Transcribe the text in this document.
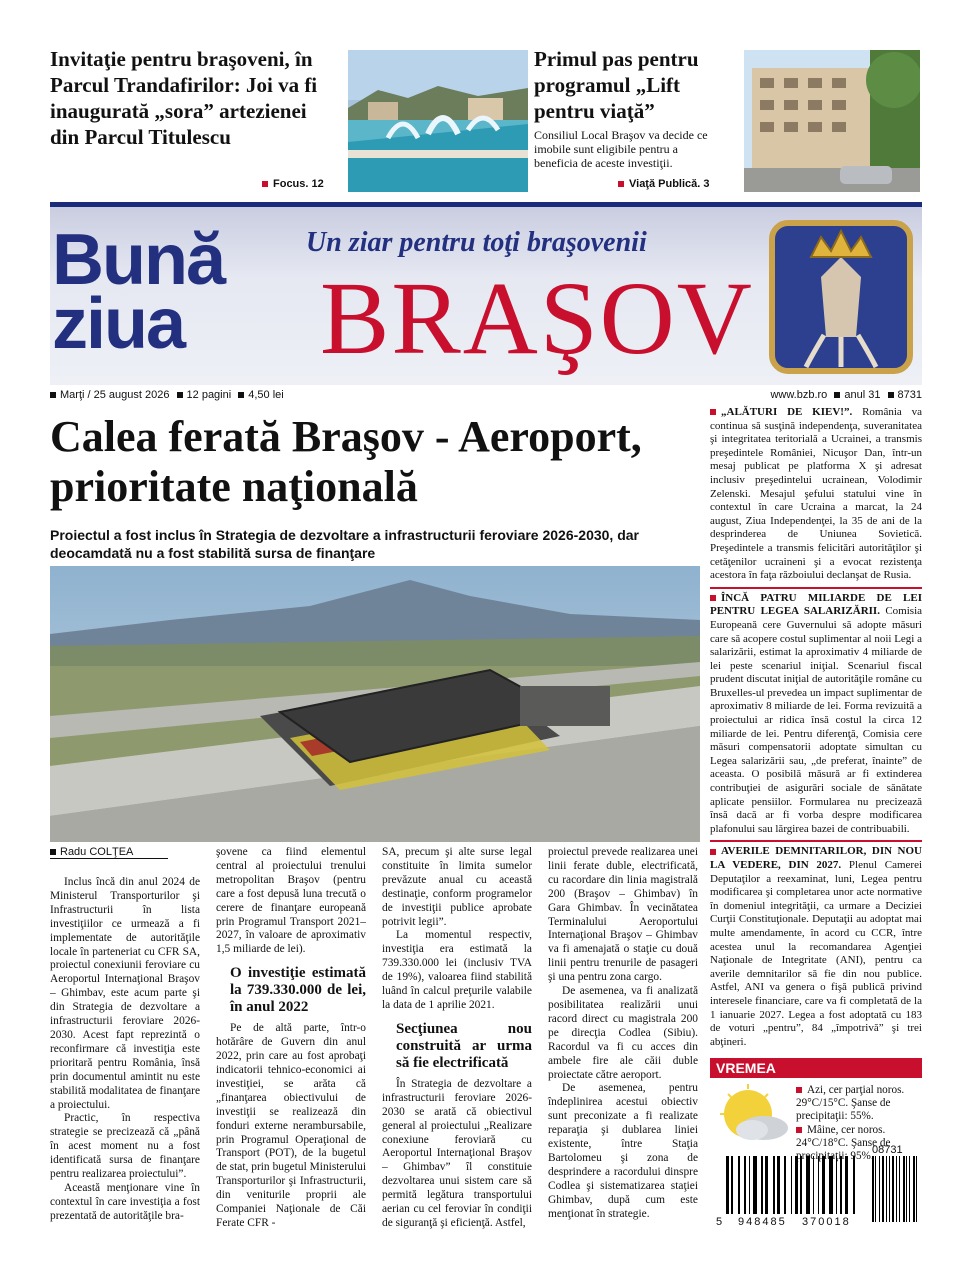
Invitaţie pentru braşoveni, în Parcul Trandafirilor: Joi va fi inaugurată „sora” artezienei din Parcul Titulescu
Focus. 12
Primul pas pentru programul „Lift pentru viaţă”
Consiliul Local Braşov va decide ce imobile sunt eligibile pentru a beneficia de aceste investiţii.
Viaţă Publică. 3
Bună
ziua
Un ziar pentru toţi braşovenii
BRAŞOV
Marţi / 25 august 2026 12 pagini 4,50 lei	www.bzb.ro anul 31 8731
Calea ferată Braşov - Aeroport, prioritate naţională
Proiectul a fost inclus în Strategia de dezvoltare a infrastructurii feroviare 2026-2030, dar deocamdată nu a fost stabilită sursa de finanţare
Radu COLŢEA

Inclus încă din anul 2024 de Ministerul Transporturilor şi Infrastructurii în lista investiţiilor ce urmează a fi implementate de autorităţile locale în parteneriat cu CFR SA, proiectul conexiunii feroviare cu Aeroportul Internaţional Braşov – Ghimbav, este acum parte şi din Strategia de dezvoltare a infrastructurii feroviare 2026-2030. Acest fapt reprezintă o reconfirmare că investiţia este prioritară pentru România, însă prin documentul amintit nu este stabilită modalitatea de finanţare a proiectului.

Practic, în respectiva strategie se precizează că „până în acest moment nu a fost identificată sursa de finanţare pentru realizarea proiectului”.

Această menţionare vine în contextul în care investiţia a fost prezentată de autorităţile bra-

şovene ca fiind elementul central al proiectului trenului metropolitan Braşov (pentru care a fost depusă luna trecută o cerere de finanţare europeană prin Programul Transport 2021–2027, în valoare de aproximativ 1,5 miliarde de lei).

O investiţie estimată la 739.330.000 de lei, în anul 2022

Pe de altă parte, într-o hotărâre de Guvern din anul 2022, prin care au fost aprobaţi indicatorii tehnico-economici ai investiţiei, se arăta că „finanţarea obiectivului de investiţii se realizează din fonduri externe nerambursabile, prin Programul Operaţional de Transport (POT), de la bugetul de stat, prin bugetul Ministerului Transporturilor şi Infrastructurii, din veniturile proprii ale Companiei Naţionale de Căi Ferate CFR -

SA, precum şi alte surse legal constituite în limita sumelor prevăzute anual cu această destinaţie, conform programelor de investiţii publice aprobate potrivit legii”.

La momentul respectiv, investiţia era estimată la 739.330.000 lei (inclusiv TVA de 19%), valoarea fiind stabilită luând în calcul preţurile valabile la data de 1 aprilie 2021.

Secţiunea nou construită ar urma să fie electrificată

În Strategia de dezvoltare a infrastructurii feroviare 2026-2030 se arată că obiectivul general al proiectului „Realizare conexiune feroviară cu Aeroportul Internaţional Braşov – Ghimbav” îl constituie dezvoltarea unui sistem care să permită legătura transportului aerian cu cel feroviar în condiţii de siguranţă şi eficienţă. Astfel,

proiectul prevede realizarea unei linii ferate duble, electrificată, cu racordare din linia magistrală 200 (Braşov – Ghimbav) în Gara Ghimbav. În vecinătatea Terminalului Aeroportului Internaţional Braşov – Ghimbav va fi amenajată o staţie cu două linii pentru trenurile de pasageri şi una pentru zona cargo.

De asemenea, va fi analizată posibilitatea realizării unui racord direct cu magistrala 200 pe direcţia Codlea (Sibiu). Racordul va fi cu acces din ambele fire ale căii duble proiectate către aeroport.

De asemenea, pentru îndeplinirea acestui obiectiv sunt preconizate a fi realizate reparaţia şi dublarea liniei existente, între Staţia Bartolomeu şi zona de desprindere a racordului dinspre Codlea şi sistematizarea staţiei Ghimbav, după cum este menţionat în strategie.

„ALĂTURI DE KIEV!”. România va continua să susţină independenţa, suveranitatea şi integritatea teritorială a Ucrainei, a transmis preşedintele României, Nicuşor Dan, într-un mesaj publicat pe platforma X şi adresat inclusiv preşedintelui ucrainean, Volodimir Zelenski. Mesajul şefului statului vine în contextul în care Ucraina a marcat, la 24 august, Ziua Independenţei, la 35 de ani de la desprinderea de Uniunea Sovietică. Preşedintele a transmis felicitări autorităţilor şi cetăţenilor ucraineni şi a evocat rezistenţa acestora în faţa războiului declanşat de Rusia.
ÎNCĂ PATRU MILIARDE DE LEI PENTRU LEGEA SALARIZĂRII. Comisia Europeană cere Guvernului să adopte măsuri care să acopere costul suplimentar al noii Legi a salarizării, estimat la aproximativ 4 miliarde de lei peste scenariul iniţial. Scenariul fiscal prudent discutat iniţial de autorităţile române cu Bruxelles-ul prevedea un impact suplimentar de aproximativ 8 miliarde de lei. Forma revizuită a proiectului ar ridica însă costul la circa 12 miliarde de lei. Pentru diferenţă, Comisia cere măsuri compensatorii adoptate simultan cu Legea salarizării sau, „de preferat, înainte” de aceasta. O posibilă măsură ar fi extinderea contribuţiei de asigurări sociale de sănătate aplicate pensiilor. Formularea nu precizează însă dacă ar fi vorba despre modificarea plafonului sau lărgirea bazei de contribuabili.
AVERILE DEMNITARILOR, DIN NOU LA VEDERE, DIN 2027. Plenul Camerei Deputaţilor a reexaminat, luni, Legea pentru modificarea şi completarea unor acte normative în domeniul integrităţii, ca urmare a Deciziei Curţii Constituţionale. Deputaţii au adoptat mai multe amendamente, în acord cu CCR, între acestea unul la recomandarea Agenţiei Naţionale de Integritate (ANI), pentru ca averile demnitarilor să fie din nou publice. Astfel, ANI va genera o fişă publică privind interesele financiare, care va fi completată de la 1 ianuarie 2027. Legea a fost adoptată cu 183 de voturi „pentru”, 84 „împotrivă” şi trei abţineri.
VREMEA
Azi, cer parţial noros. 29°C/15°C. Şanse de precipitaţii: 55%.
Mâine, cer noros. 24°C/18°C. Şanse de 95%.
08731
5 948485 370018
